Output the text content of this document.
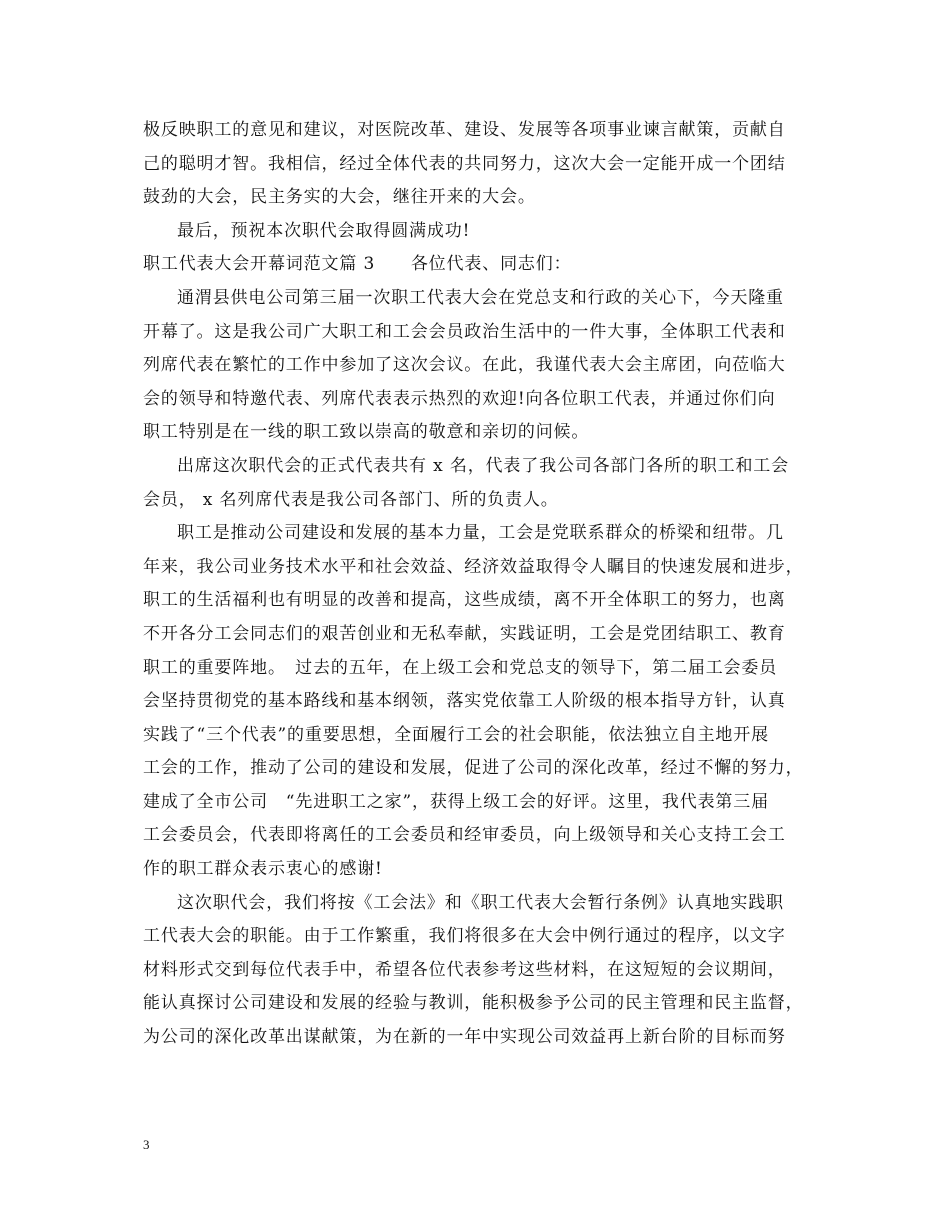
极反映职工的意见和建议，对医院改革、建设、发展等各项事业谏言献策，贡献自
己的聪明才智。我相信，经过全体代表的共同努力，这次大会一定能开成一个团结
鼓劲的大会，民主务实的大会，继往开来的大会。
最后，预祝本次职代会取得圆满成功!
职工代表大会开幕词范文篇 3　　各位代表、同志们：
通渭县供电公司第三届一次职工代表大会在党总支和行政的关心下，今天隆重
开幕了。这是我公司广大职工和工会会员政治生活中的一件大事，全体职工代表和
列席代表在繁忙的工作中参加了这次会议。在此，我谨代表大会主席团，向莅临大
会的领导和特邀代表、列席代表表示热烈的欢迎!向各位职工代表，并通过你们向
职工特别是在一线的职工致以崇高的敬意和亲切的问候。
出席这次职代会的正式代表共有 x 名，代表了我公司各部门各所的职工和工会
会员， x 名列席代表是我公司各部门、所的负责人。
职工是推动公司建设和发展的基本力量，工会是党联系群众的桥梁和纽带。几
年来，我公司业务技术水平和社会效益、经济效益取得令人瞩目的快速发展和进步，
职工的生活福利也有明显的改善和提高，这些成绩，离不开全体职工的努力，也离
不开各分工会同志们的艰苦创业和无私奉献，实践证明，工会是党团结职工、教育
职工的重要阵地。　过去的五年，在上级工会和党总支的领导下，第二届工会委员
会坚持贯彻党的基本路线和基本纲领，落实党依靠工人阶级的根本指导方针，认真
实践了“三个代表”的重要思想，全面履行工会的社会职能，依法独立自主地开展
工会的工作，推动了公司的建设和发展，促进了公司的深化改革，经过不懈的努力，
建成了全市公司　“先进职工之家”，获得上级工会的好评。这里，我代表第三届
工会委员会，代表即将离任的工会委员和经审委员，向上级领导和关心支持工会工
作的职工群众表示衷心的感谢!
这次职代会，我们将按《工会法》和《职工代表大会暂行条例》认真地实践职
工代表大会的职能。由于工作繁重，我们将很多在大会中例行通过的程序，以文字
材料形式交到每位代表手中，希望各位代表参考这些材料，在这短短的会议期间，
能认真探讨公司建设和发展的经验与教训，能积极参予公司的民主管理和民主监督，
为公司的深化改革出谋献策，为在新的一年中实现公司效益再上新台阶的目标而努
3
